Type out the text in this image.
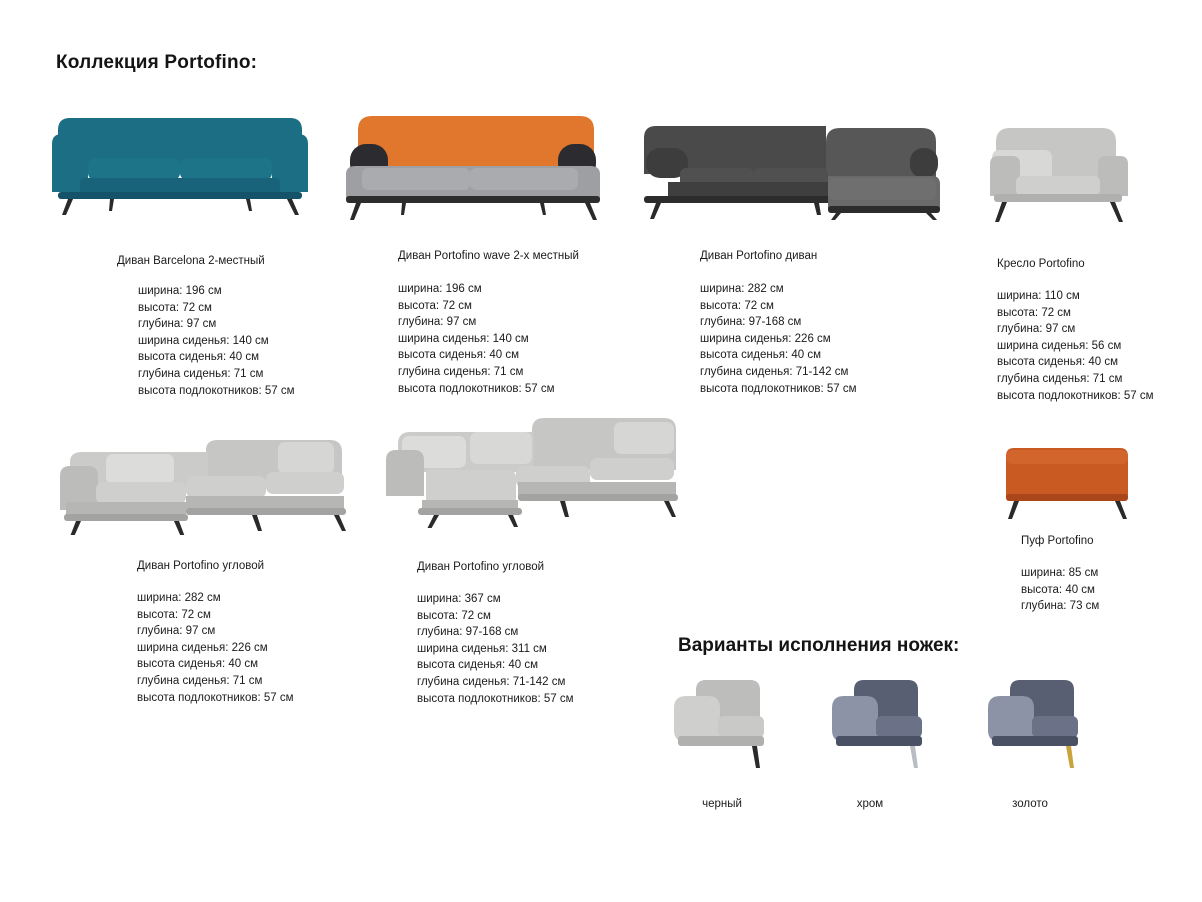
Коллекция Portofino:
Диван Barcelona 2-местный
ширина: 196 см
высота: 72 см
глубина: 97 см
ширина сиденья: 140 см
высота сиденья: 40 см
глубина сиденья: 71 см
высота подлокотников: 57 см
Диван Portofino wave 2-х местный
ширина: 196 см
высота: 72 см
глубина: 97 см
ширина сиденья: 140 см
высота сиденья: 40 см
глубина сиденья: 71 см
высота подлокотников: 57 см
Диван Portofino диван
ширина: 282 см
высота: 72 см
глубина: 97-168 см
ширина сиденья: 226 см
высота сиденья: 40 см
глубина сиденья: 71-142 см
высота подлокотников: 57 см
Кресло Portofino
ширина: 110 см
высота: 72 см
глубина: 97 см
ширина сиденья: 56 см
высота сиденья: 40 см
глубина сиденья: 71 см
высота подлокотников: 57 см
Диван Portofino угловой
ширина: 282 см
высота: 72 см
глубина: 97 см
ширина сиденья: 226 см
высота сиденья: 40 см
глубина сиденья: 71 см
высота подлокотников: 57 см
Диван Portofino угловой
ширина: 367 см
высота: 72 см
глубина: 97-168 см
ширина сиденья: 311 см
высота сиденья: 40 см
глубина сиденья: 71-142 см
высота подлокотников: 57 см
Пуф Portofino
ширина: 85 см
высота: 40 см
глубина: 73 см
Варианты исполнения ножек:
черный	хром	золото
